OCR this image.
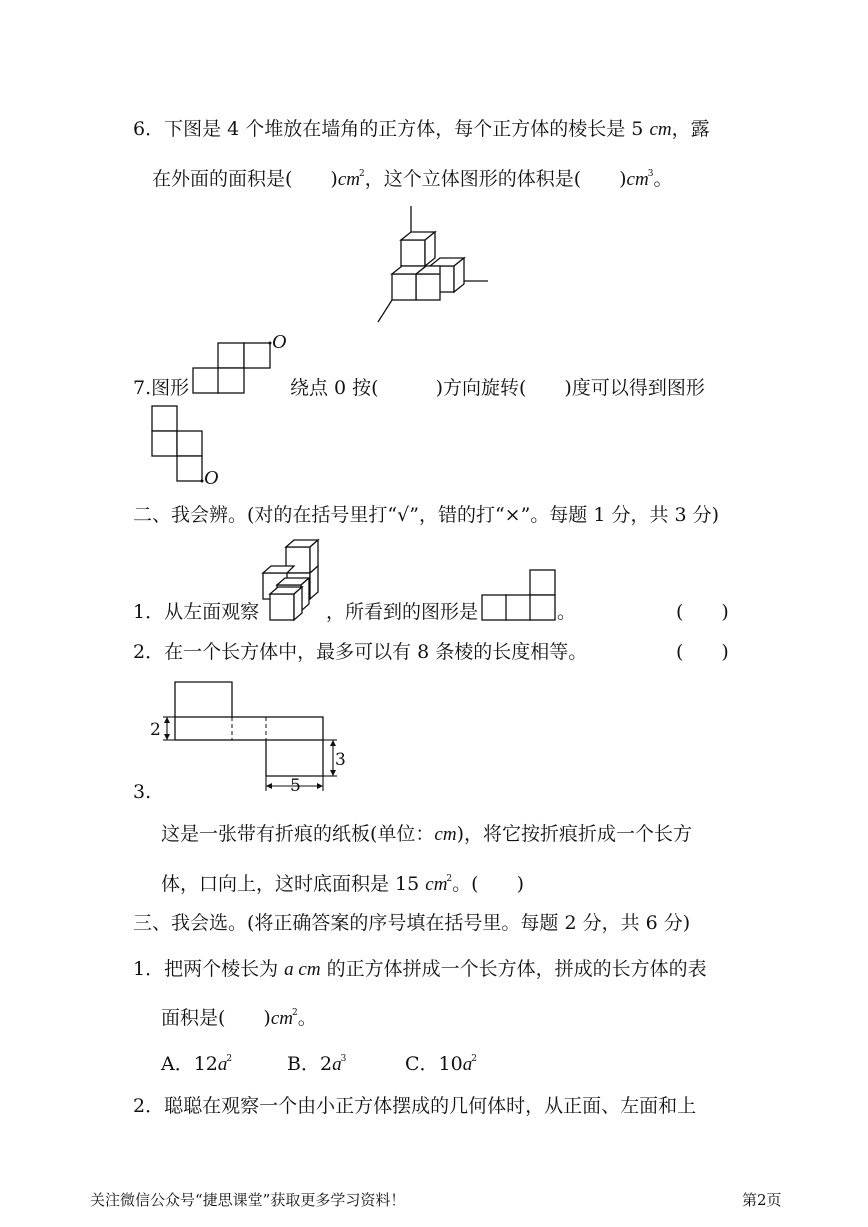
6．下图是 4 个堆放在墙角的正方体，每个正方体的棱长是 5 cm，露
在外面的面积是(　　)$cm^2$，这个立体图形的体积是(　　)$cm^3$。
O
7.图形	绕点 0 按(　　　)方向旋转(　　)度可以得到图形
O
二、我会辨。(对的在括号里打“√”，错的打“×”。每题 1 分，共 3 分)
1．从左面观察	，所看到的图形是	。	(　　)
2．在一个长方体中，最多可以有 8 条棱的长度相等。	(　　)
2
3
5
3.
这是一张带有折痕的纸板(单位：cm)，将它按折痕折成一个长方
体，口向上，这时底面积是 15 $cm^2$。(　　)
三、我会选。(将正确答案的序号填在括号里。每题 2 分，共 6 分)
1．把两个棱长为 a cm 的正方体拼成一个长方体，拼成的长方体的表
面积是(　　)$cm^2$。
A．$12a^2$	B．$2a^3$	C．$10a^2$
2．聪聪在观察一个由小正方体摆成的几何体时，从正面、左面和上
关注微信公众号“捷思课堂”获取更多学习资料！	第2页
